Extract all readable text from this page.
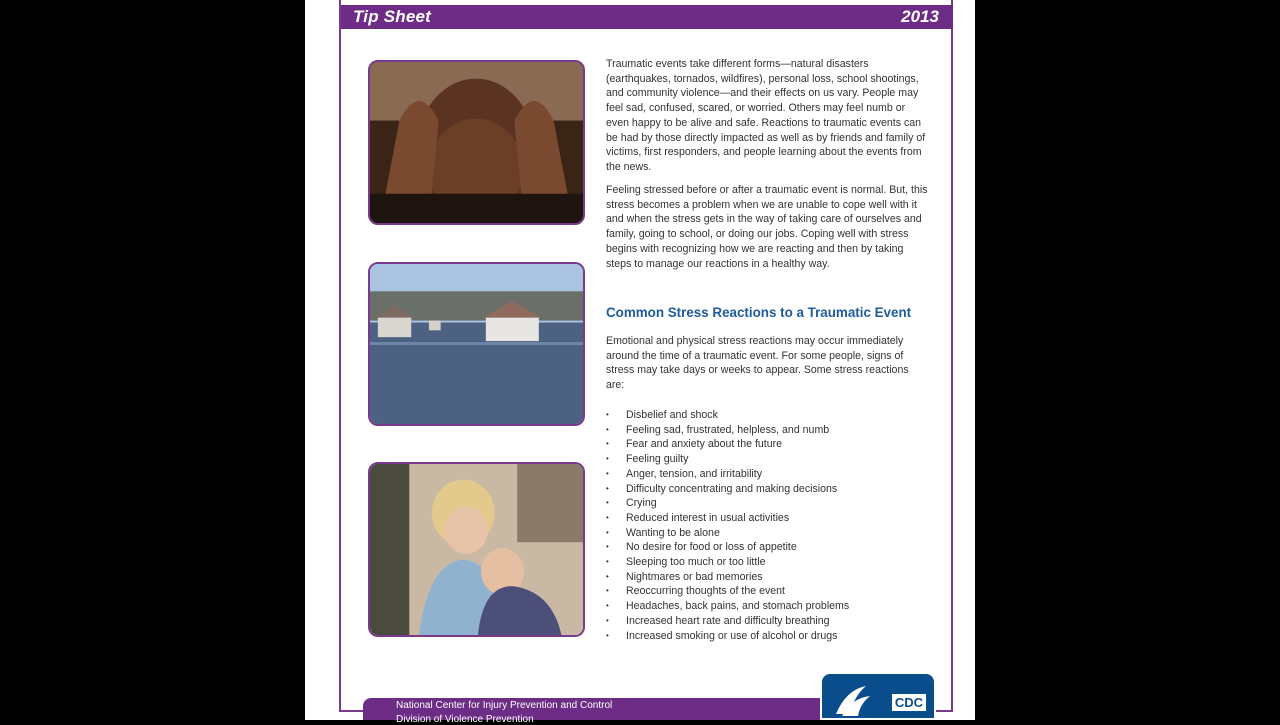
Tip Sheet	2013

Traumatic events take different forms—natural disasters (earthquakes, tornados, wildfires), personal loss, school shootings, and community violence—and their effects on us vary. People may feel sad, confused, scared, or worried. Others may feel numb or even happy to be alive and safe. Reactions to traumatic events can be had by those directly impacted as well as by friends and family of victims, first responders, and people learning about the events from the news.

Feeling stressed before or after a traumatic event is normal. But, this stress becomes a problem when we are unable to cope well with it and when the stress gets in the way of taking care of ourselves and family, going to school, or doing our jobs. Coping well with stress begins with recognizing how we are reacting and then by taking steps to manage our reactions in a healthy way.

Common Stress Reactions to a Traumatic Event

Emotional and physical stress reactions may occur immediately around the time of a traumatic event. For some people, signs of stress may take days or weeks to appear. Some stress reactions are:

• Disbelief and shock
• Feeling sad, frustrated, helpless, and numb
• Fear and anxiety about the future
• Feeling guilty
• Anger, tension, and irritability
• Difficulty concentrating and making decisions
• Crying
• Reduced interest in usual activities
• Wanting to be alone
• No desire for food or loss of appetite
• Sleeping too much or too little
• Nightmares or bad memories
• Reoccurring thoughts of the event
• Headaches, back pains, and stomach problems
• Increased heart rate and difficulty breathing
• Increased smoking or use of alcohol or drugs
National Center for Injury Prevention and Control
Division of Violence Prevention
CDC
